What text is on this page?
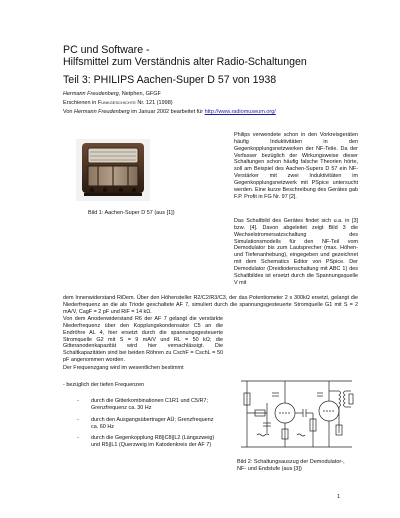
PC und Software -
Hilfsmittel zum Verständnis alter Radio-Schaltungen
Teil 3: PHILIPS Aachen-Super D 57 von 1938
Hermann Freudenberg, Netphen, GFGF
Erschienen in Funkgeschichte Nr. 121 (1998)
Von Hermann Freudenberg im Januar 2002 bearbeitet für http://www.radiomuseum.org/
Bild 1: Aachen-Super D 57 (aus [1])

Philips verwendete schon in den Vorkreisgeräten häufig Induktivitäten in den Gegenkopplungsnetzwerken der NF-Teile. Da der Verfasser bezüglich der Wirkungsweise dieser Schaltungen schon häufig falsche Theorien hörte, soll am Beispiel des Aachen-Supers D 57 ein NF-Verstärker mit zwei Induktivitäten im Gegenkopplungsnetzwerk mit PSpice untersucht werden. Eine kurze Beschreibung des Gerätes gab F.P. Profit in FG Nr. 97 [2].

Das Schaltbild des Gerätes findet sich u.a. in [3] bzw. [4]. Davon abgeleitet zeigt Bild 3 die Wechselstromersatzschaltung des Simulationsmodells für den NF-Teil vom Demodulator bis zum Lautsprecher (max. Höhen- und Tiefenanhebung), eingegeben und gezeichnet mit dem Schematics Editor von PSpice. Der Demodulator (Dreidiodenschaltung mit ABC 1) des Schaltbildes ist ersetzt durch die Spannungsquelle V mit

dem Innenwiderstand RiDem. Über den Höhensteller R2/C2/R3/C3, der das Potentiometer 2 x 300kΩ ersetzt, gelangt die Niederfrequenz an die als Triode geschaltete AF 7, simuliert durch die spannungsgesteuerte Stromquelle G1 mit S = 2 mA/V, CagF = 2 pF und RiF = 14 kΩ.

Von dem Anodenwiderstand R6 der AF 7 gelangt die verstärkte Niederfrequenz über den Kopplungskondensator C5 an die Endröhre AL 4, hier ersetzt durch die spannungsgesteuerte Stromquelle G2 mit S = 9 mA/V und RL = 50 kΩ; die Gitteranodenkapazität wird hier vernachlässigt. Die Schaltkapazitäten sind bei beiden Röhren zu CschF = CschL = 50 pF angenommen worden.

Der Frequenzgang wird im wesentlichen bestimmt

- bezüglich der tiefen Frequenzen

- durch die Gitterkombinationen C1R1 und C5/R7; Grenzfrequenz ca. 30 Hz
- durch den Ausgangsübertrager AÜ; Grenzfrequenz ca. 60 Hz
- durch die Gegenkopplung R8||C8||L2 (Längszweig) und R5||L1 (Querzweig im Katodenkreis der AF 7)
Bild 2: Schaltungsauszug der Demodulator-,
NF- und Endstufe (aus [3])
1
